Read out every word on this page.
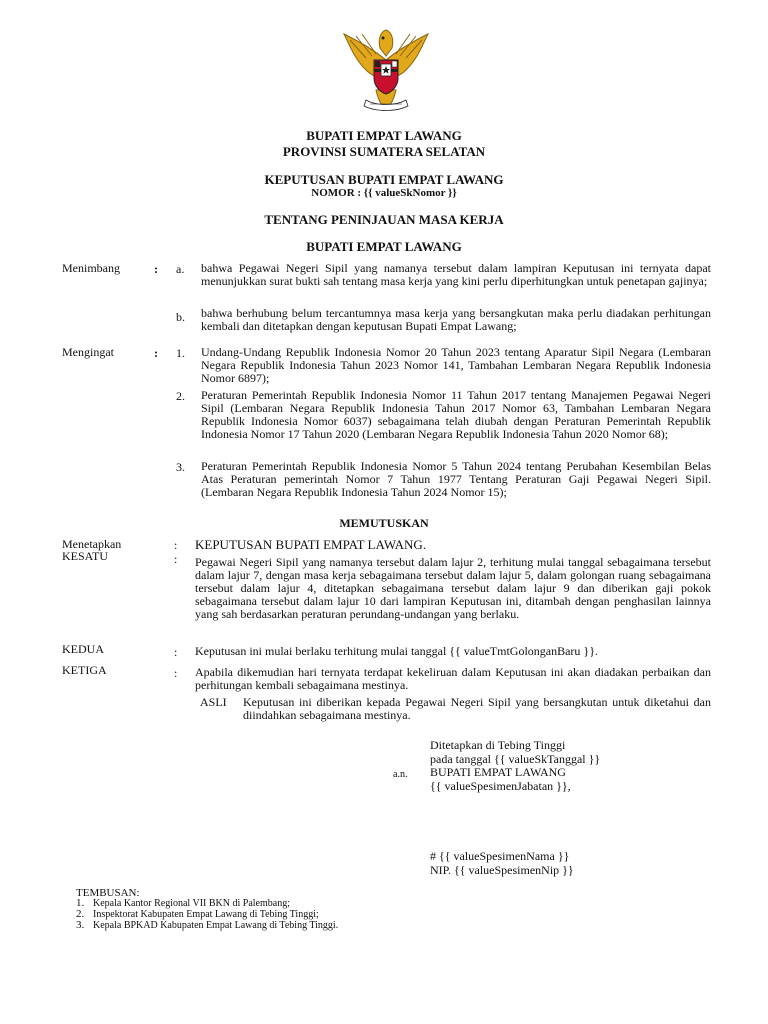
BUPATI EMPAT LAWANG
PROVINSI SUMATERA SELATAN
KEPUTUSAN BUPATI EMPAT LAWANG
NOMOR : {{ valueSkNomor }}
TENTANG PENINJAUAN MASA KERJA
BUPATI EMPAT LAWANG
Menimbang	: a. bahwa Pegawai Negeri Sipil yang namanya tersebut dalam lampiran Keputusan ini ternyata dapat menunjukkan surat bukti sah tentang masa kerja yang kini perlu diperhitungkan untuk penetapan gajinya;

b. bahwa berhubung belum tercantumnya masa kerja yang bersangkutan maka perlu diadakan perhitungan kembali dan ditetapkan dengan keputusan Bupati Empat Lawang;

Mengingat	: 1. Undang-Undang Republik Indonesia Nomor 20 Tahun 2023 tentang Aparatur Sipil Negara (Lembaran Negara Republik Indonesia Tahun 2023 Nomor 141, Tambahan Lembaran Negara Republik Indonesia Nomor 6897);

2. Peraturan Pemerintah Republik Indonesia Nomor 11 Tahun 2017 tentang Manajemen Pegawai Negeri Sipil (Lembaran Negara Republik Indonesia Tahun 2017 Nomor 63, Tambahan Lembaran Negara Republik Indonesia Nomor 6037) sebagaimana telah diubah dengan Peraturan Pemerintah Republik Indonesia Nomor 17 Tahun 2020 (Lembaran Negara Republik Indonesia Tahun 2020 Nomor 68);

3. Peraturan Pemerintah Republik Indonesia Nomor 5 Tahun 2024 tentang Perubahan Kesembilan Belas Atas Peraturan pemerintah Nomor 7 Tahun 1977 Tentang Peraturan Gaji Pegawai Negeri Sipil. (Lembaran Negara Republik Indonesia Tahun 2024 Nomor 15);

MEMUTUSKAN
Menetapkan	: KEPUTUSAN BUPATI EMPAT LAWANG.
KESATU	: Pegawai Negeri Sipil yang namanya tersebut dalam lajur 2, terhitung mulai tanggal sebagaimana tersebut dalam lajur 7, dengan masa kerja sebagaimana tersebut dalam lajur 5, dalam golongan ruang sebagaimana tersebut dalam lajur 4, ditetapkan sebagaimana tersebut dalam lajur 9 dan diberikan gaji pokok sebagaimana tersebut dalam lajur 10 dari lampiran Keputusan ini, ditambah dengan penghasilan lainnya yang sah berdasarkan peraturan perundang-undangan yang berlaku.

KEDUA	: Keputusan ini mulai berlaku terhitung mulai tanggal {{ valueTmtGolonganBaru }}.

KETIGA	: Apabila dikemudian hari ternyata terdapat kekeliruan dalam Keputusan ini akan diadakan perbaikan dan perhitungan kembali sebagaimana mestinya.

ASLI Keputusan ini diberikan kepada Pegawai Negeri Sipil yang bersangkutan untuk diketahui dan diindahkan sebagaimana mestinya.

Ditetapkan di Tebing Tinggi
pada tanggal {{ valueSkTanggal }}
a.n. BUPATI EMPAT LAWANG
{{ valueSpesimenJabatan }},
# {{ valueSpesimenNama }}
NIP. {{ valueSpesimenNip }}
TEMBUSAN:
1. Kepala Kantor Regional VII BKN di Palembang;
2. Inspektorat Kabupaten Empat Lawang di Tebing Tinggi;
3. Kepala BPKAD Kabupaten Empat Lawang di Tebing Tinggi.
